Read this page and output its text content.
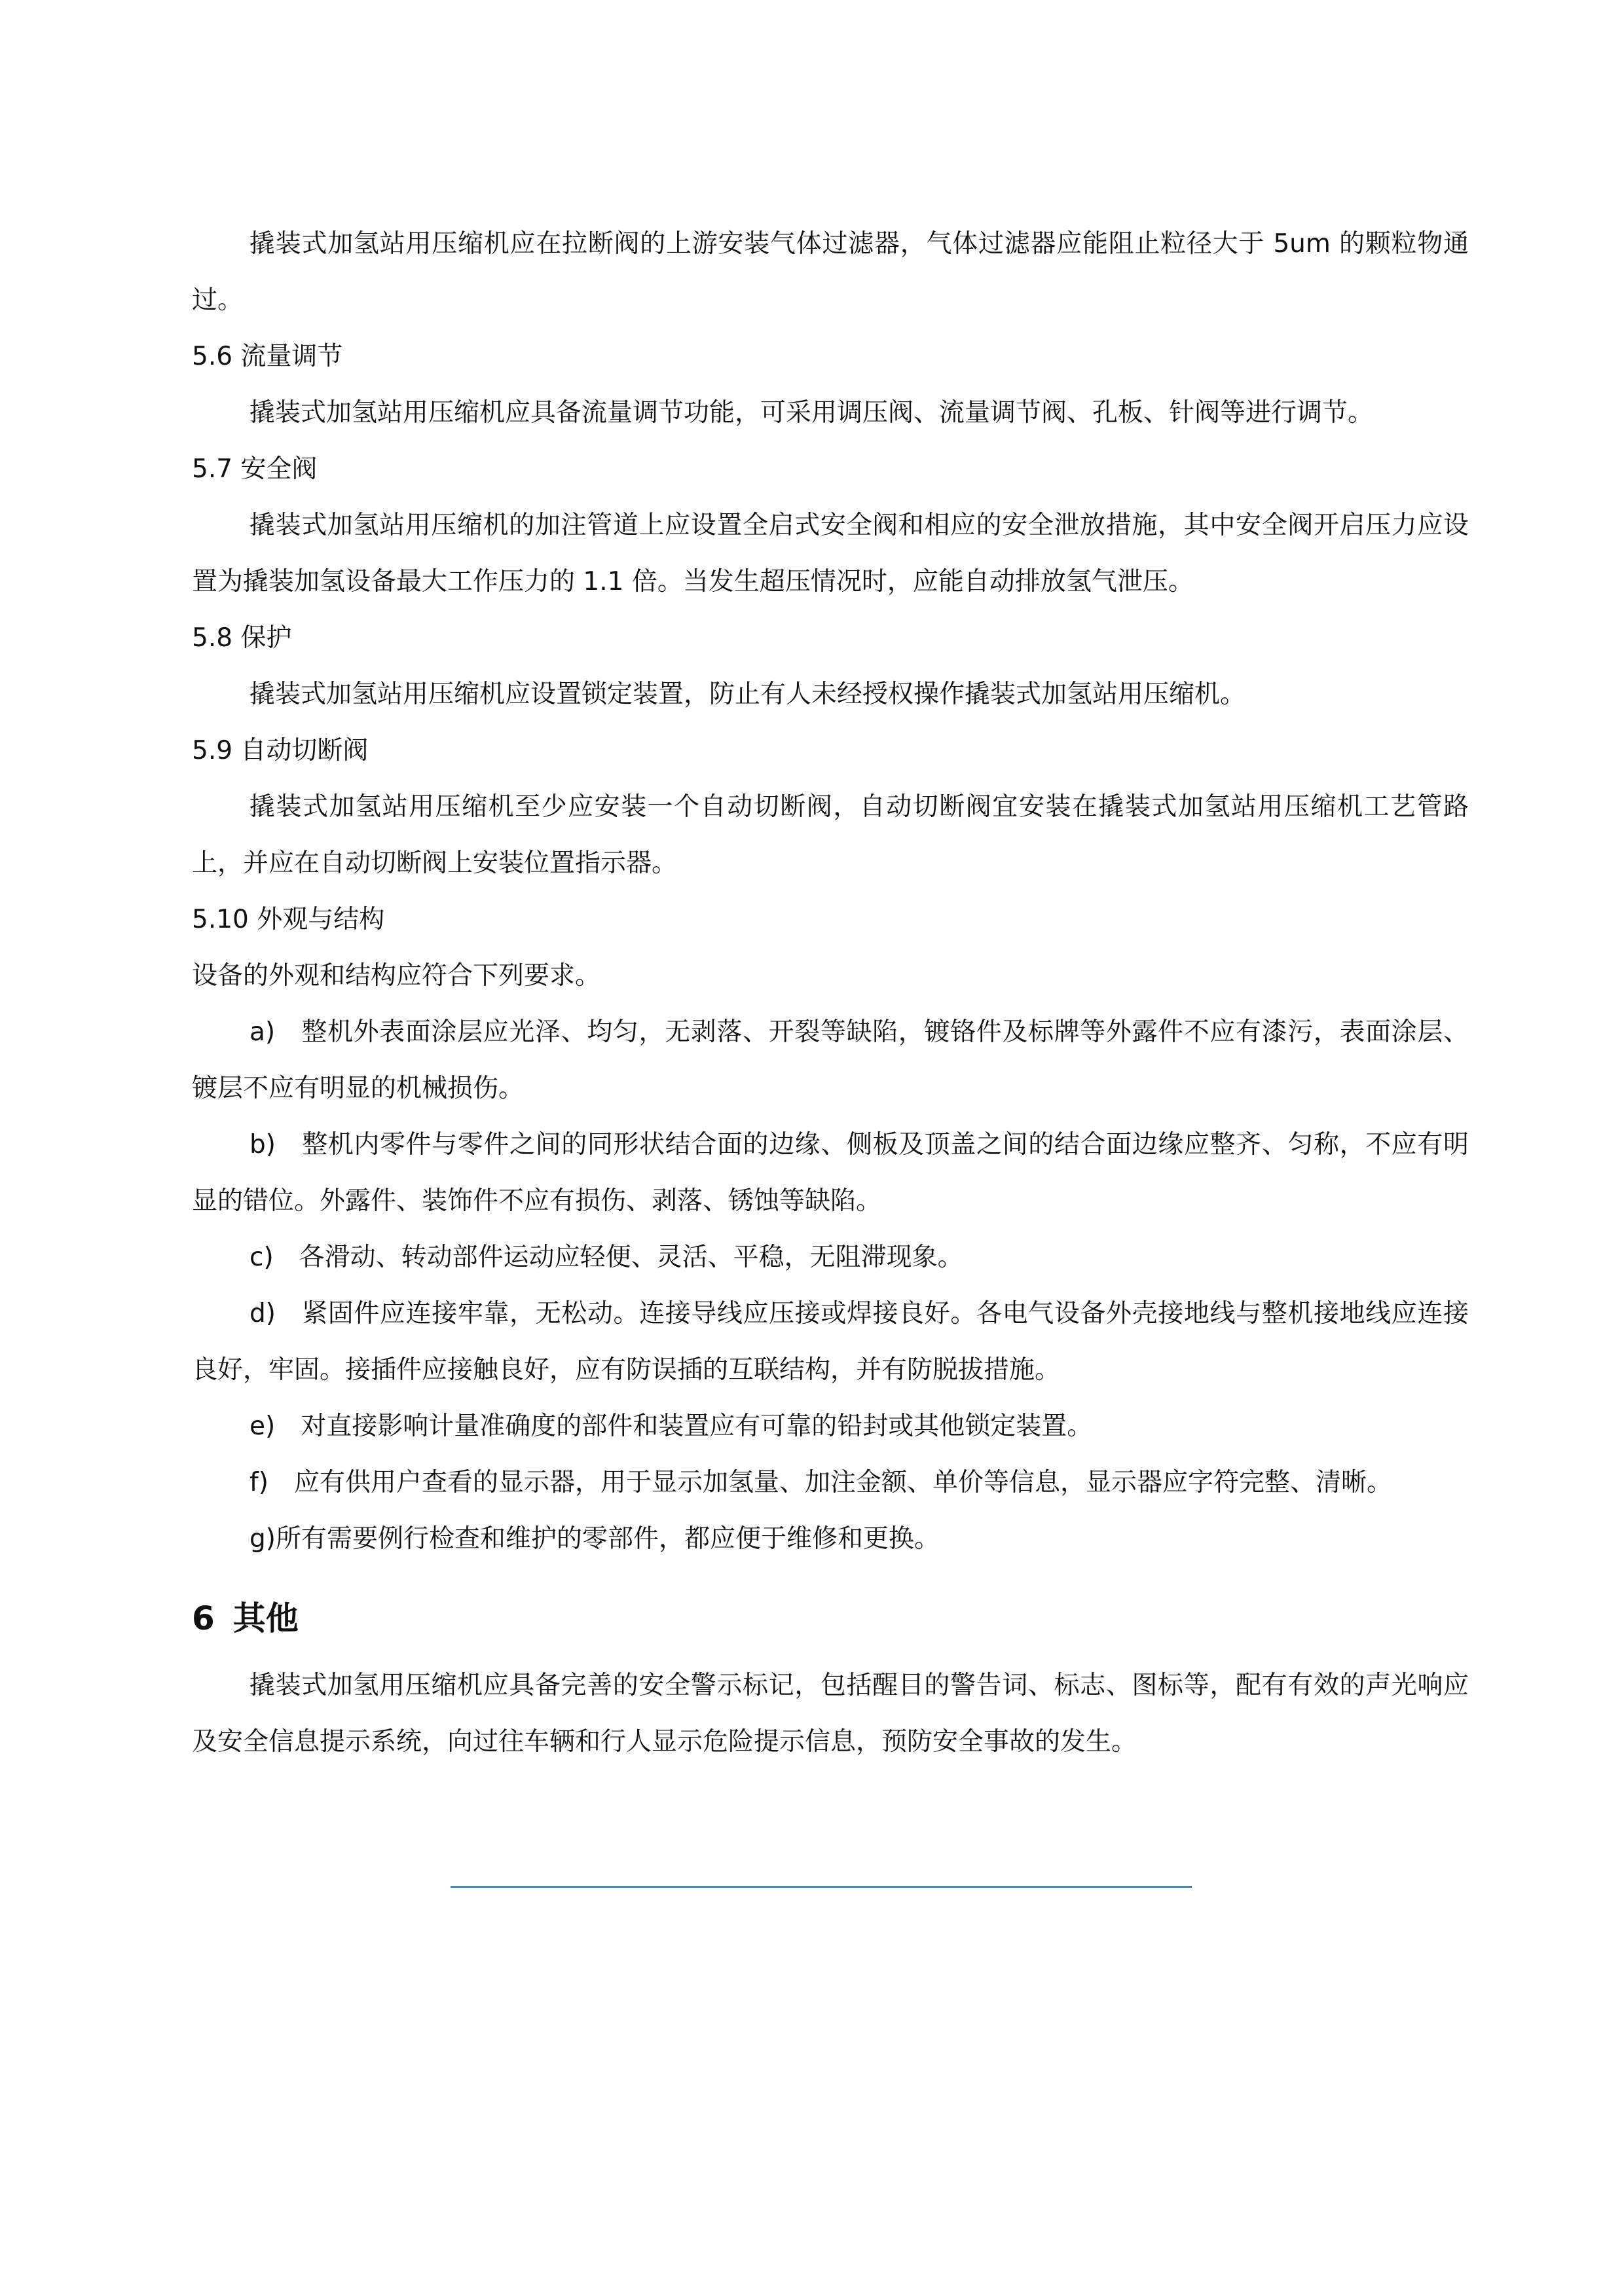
撬装式加氢站用压缩机应在拉断阀的上游安装气体过滤器，气体过滤器应能阻止粒径大于 5um 的颗粒物通过。

5.6 流量调节

撬装式加氢站用压缩机应具备流量调节功能，可采用调压阀、流量调节阀、孔板、针阀等进行调节。

5.7 安全阀

撬装式加氢站用压缩机的加注管道上应设置全启式安全阀和相应的安全泄放措施，其中安全阀开启压力应设置为撬装加氢设备最大工作压力的 1.1 倍。当发生超压情况时，应能自动排放氢气泄压。

5.8 保护

撬装式加氢站用压缩机应设置锁定装置，防止有人未经授权操作撬装式加氢站用压缩机。

5.9 自动切断阀

撬装式加氢站用压缩机至少应安装一个自动切断阀，自动切断阀宜安装在撬装式加氢站用压缩机工艺管路上，并应在自动切断阀上安装位置指示器。

5.10 外观与结构

设备的外观和结构应符合下列要求。

a)　整机外表面涂层应光泽、均匀，无剥落、开裂等缺陷，镀铬件及标牌等外露件不应有漆污，表面涂层、镀层不应有明显的机械损伤。

b)　整机内零件与零件之间的同形状结合面的边缘、侧板及顶盖之间的结合面边缘应整齐、匀称，不应有明显的错位。外露件、装饰件不应有损伤、剥落、锈蚀等缺陷。

c)　各滑动、转动部件运动应轻便、灵活、平稳，无阻滞现象。

d)　紧固件应连接牢靠，无松动。连接导线应压接或焊接良好。各电气设备外壳接地线与整机接地线应连接良好，牢固。接插件应接触良好，应有防误插的互联结构，并有防脱拔措施。

e)　对直接影响计量准确度的部件和装置应有可靠的铅封或其他锁定装置。

f)　应有供用户查看的显示器，用于显示加氢量、加注金额、单价等信息，显示器应字符完整、清晰。

g)所有需要例行检查和维护的零部件，都应便于维修和更换。

6 其他

撬装式加氢用压缩机应具备完善的安全警示标记，包括醒目的警告词、标志、图标等，配有有效的声光响应及安全信息提示系统，向过往车辆和行人显示危险提示信息，预防安全事故的发生。
